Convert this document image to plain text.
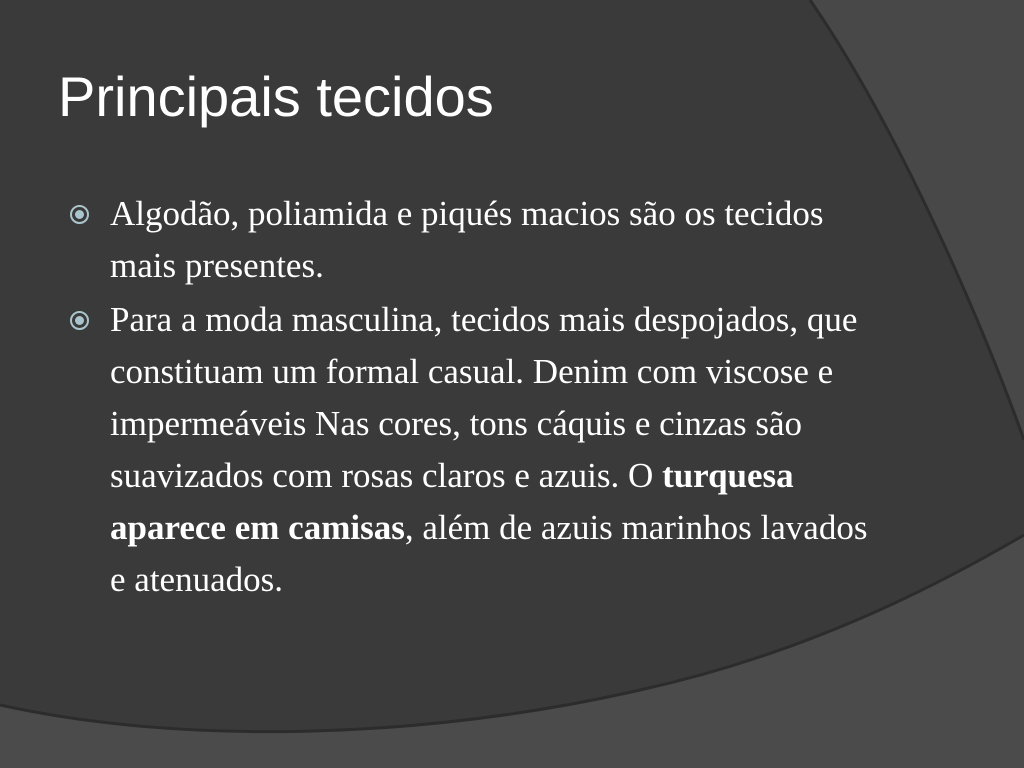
Principais tecidos
Algodão, poliamida e piqués macios são os tecidos mais presentes.
Para a moda masculina, tecidos mais despojados, que constituam um formal casual. Denim com viscose e impermeáveis Nas cores, tons cáquis e cinzas são suavizados com rosas claros e azuis. O turquesa aparece em camisas, além de azuis marinhos lavados e atenuados.
